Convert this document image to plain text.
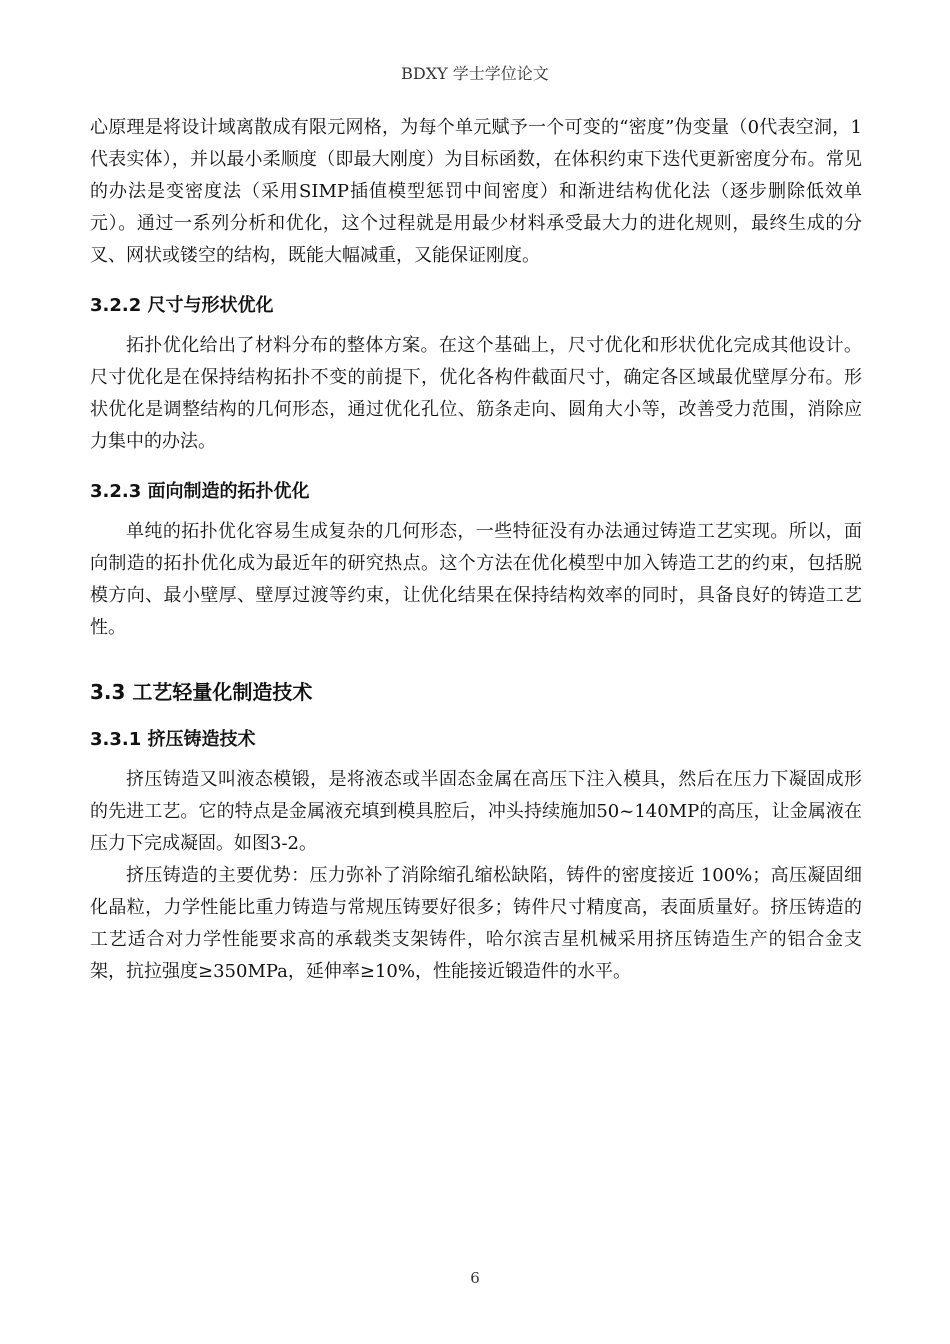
BDXY 学士学位论文

心原理是将设计域离散成有限元网格，为每个单元赋予一个可变的“密度”伪变量（0代表空洞，1代表实体），并以最小柔顺度（即最大刚度）为目标函数，在体积约束下迭代更新密度分布。常见的办法是变密度法（采用SIMP插值模型惩罚中间密度）和渐进结构优化法（逐步删除低效单元）。通过一系列分析和优化，这个过程就是用最少材料承受最大力的进化规则，最终生成的分叉、网状或镂空的结构，既能大幅减重，又能保证刚度。

3.2.2 尺寸与形状优化

拓扑优化给出了材料分布的整体方案。在这个基础上，尺寸优化和形状优化完成其他设计。尺寸优化是在保持结构拓扑不变的前提下，优化各构件截面尺寸，确定各区域最优壁厚分布。形状优化是调整结构的几何形态，通过优化孔位、筋条走向、圆角大小等，改善受力范围，消除应力集中的办法。

3.2.3 面向制造的拓扑优化

单纯的拓扑优化容易生成复杂的几何形态，一些特征没有办法通过铸造工艺实现。所以，面向制造的拓扑优化成为最近年的研究热点。这个方法在优化模型中加入铸造工艺的约束，包括脱模方向、最小壁厚、壁厚过渡等约束，让优化结果在保持结构效率的同时，具备良好的铸造工艺性。

3.3 工艺轻量化制造技术
3.3.1 挤压铸造技术

挤压铸造又叫液态模锻，是将液态或半固态金属在高压下注入模具，然后在压力下凝固成形的先进工艺。它的特点是金属液充填到模具腔后，冲头持续施加50~140MP的高压，让金属液在压力下完成凝固。如图3-2。

挤压铸造的主要优势：压力弥补了消除缩孔缩松缺陷，铸件的密度接近 100%；高压凝固细化晶粒，力学性能比重力铸造与常规压铸要好很多；铸件尺寸精度高，表面质量好。挤压铸造的工艺适合对力学性能要求高的承载类支架铸件，哈尔滨吉星机械采用挤压铸造生产的铝合金支架，抗拉强度≥350MPa，延伸率≥10%，性能接近锻造件的水平。

6
